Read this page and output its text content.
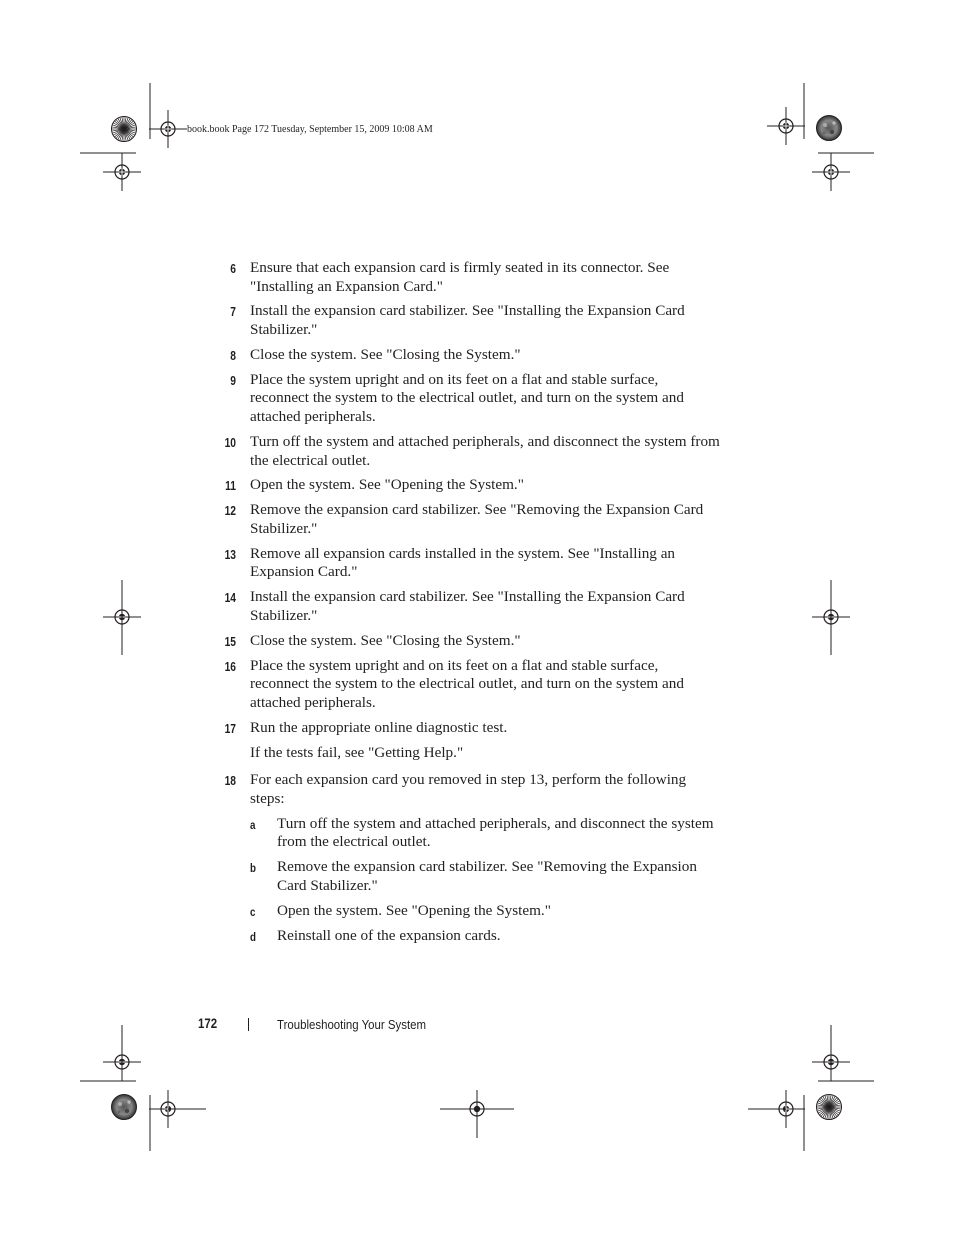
book.book Page 172 Tuesday, September 15, 2009 10:08 AM
6 Ensure that each expansion card is firmly seated in its connector. See "Installing an Expansion Card."
7 Install the expansion card stabilizer. See "Installing the Expansion Card Stabilizer."
8 Close the system. See "Closing the System."
9 Place the system upright and on its feet on a flat and stable surface, reconnect the system to the electrical outlet, and turn on the system and attached peripherals.
10 Turn off the system and attached peripherals, and disconnect the system from the electrical outlet.
11 Open the system. See "Opening the System."
12 Remove the expansion card stabilizer. See "Removing the Expansion Card Stabilizer."
13 Remove all expansion cards installed in the system. See "Installing an Expansion Card."
14 Install the expansion card stabilizer. See "Installing the Expansion Card Stabilizer."
15 Close the system. See "Closing the System."
16 Place the system upright and on its feet on a flat and stable surface, reconnect the system to the electrical outlet, and turn on the system and attached peripherals.
17 Run the appropriate online diagnostic test.
If the tests fail, see "Getting Help."
18 For each expansion card you removed in step 13, perform the following steps:
a Turn off the system and attached peripherals, and disconnect the system from the electrical outlet.
b Remove the expansion card stabilizer. See "Removing the Expansion Card Stabilizer."
c Open the system. See "Opening the System."
d Reinstall one of the expansion cards.
172	Troubleshooting Your System
